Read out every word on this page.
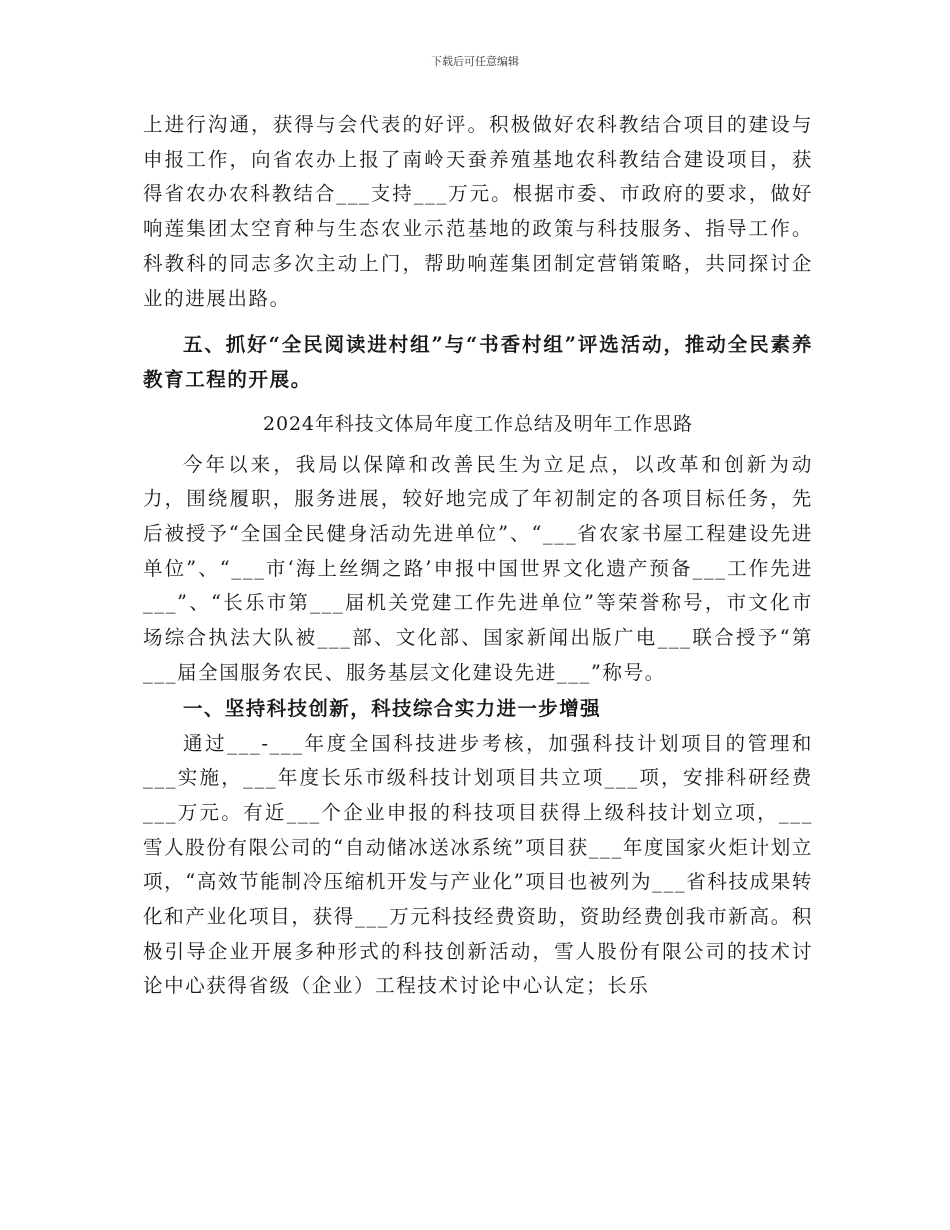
下载后可任意编辑

上进行沟通，获得与会代表的好评。积极做好农科教结合项目的建设与申报工作，向省农办上报了南岭天蚕养殖基地农科教结合建设项目，获得省农办农科教结合___支持___万元。根据市委、市政府的要求，做好响莲集团太空育种与生态农业示范基地的政策与科技服务、指导工作。科教科的同志多次主动上门，帮助响莲集团制定营销策略，共同探讨企业的进展出路。

五、抓好“全民阅读进村组”与“书香村组”评选活动，推动全民素养教育工程的开展。

2024年科技文体局年度工作总结及明年工作思路

今年以来，我局以保障和改善民生为立足点，以改革和创新为动力，围绕履职，服务进展，较好地完成了年初制定的各项目标任务，先后被授予“全国全民健身活动先进单位”、“___省农家书屋工程建设先进单位”、“___市‘海上丝绸之路’申报中国世界文化遗产预备___工作先进___”、“长乐市第___届机关党建工作先进单位”等荣誉称号，市文化市场综合执法大队被___部、文化部、国家新闻出版广电___联合授予“第___届全国服务农民、服务基层文化建设先进___”称号。

一、坚持科技创新，科技综合实力进一步增强

通过___-___年度全国科技进步考核，加强科技计划项目的管理和___实施，___年度长乐市级科技计划项目共立项___项，安排科研经费___万元。有近___个企业申报的科技项目获得上级科技计划立项，___雪人股份有限公司的“自动储冰送冰系统”项目获___年度国家火炬计划立项，“高效节能制冷压缩机开发与产业化”项目也被列为___省科技成果转化和产业化项目，获得___万元科技经费资助，资助经费创我市新高。积极引导企业开展多种形式的科技创新活动，雪人股份有限公司的技术讨论中心获得省级（企业）工程技术讨论中心认定；长乐
